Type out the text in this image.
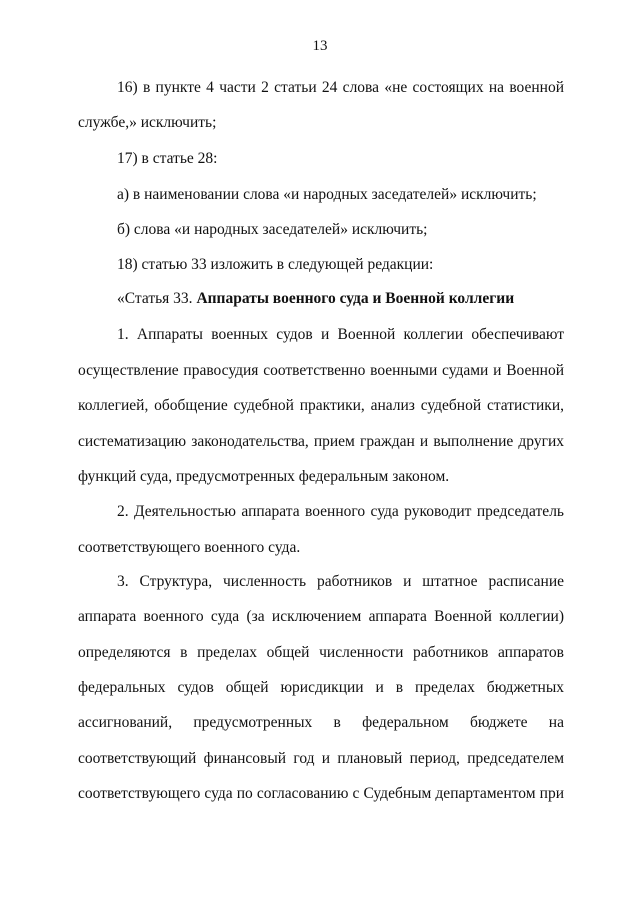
13
16) в пункте 4 части 2 статьи 24 слова «не состоящих на военной
службе,» исключить;
17) в статье 28:
а) в наименовании слова «и народных заседателей» исключить;
б) слова «и народных заседателей» исключить;
18) статью 33 изложить в следующей редакции:
«Статья 33. Аппараты военного суда и Военной коллегии
1. Аппараты военных судов и Военной коллегии обеспечивают
осуществление правосудия соответственно военными судами и Военной
коллегией, обобщение судебной практики, анализ судебной статистики,
систематизацию законодательства, прием граждан и выполнение других
функций суда, предусмотренных федеральным законом.
2. Деятельностью аппарата военного суда руководит председатель
соответствующего военного суда.
3. Структура, численность работников и штатное расписание
аппарата военного суда (за исключением аппарата Военной коллегии)
определяются в пределах общей численности работников аппаратов
федеральных судов общей юрисдикции и в пределах бюджетных
ассигнований, предусмотренных в федеральном бюджете на
соответствующий финансовый год и плановый период, председателем
соответствующего суда по согласованию с Судебным департаментом при
